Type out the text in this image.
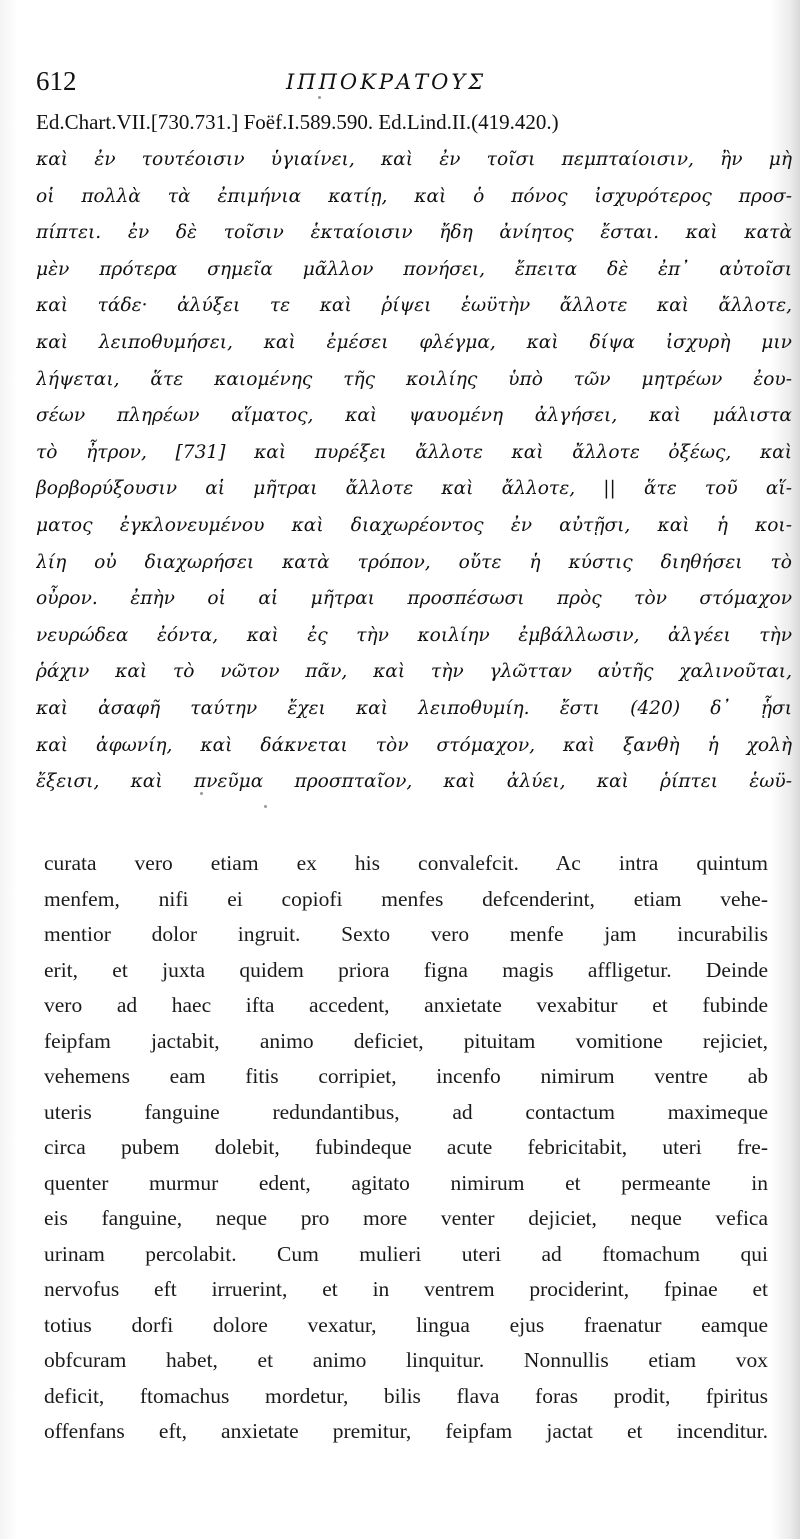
612	ΙΠΠΟΚΡΑΤΟΥΣ
Ed.Chart.VII.[730.731.] Foëf.I.589.590. Ed.Lind.II.(419.420.)
καὶ ἐν τουτέοισιν ὑγιαίνει, καὶ ἐν τοῖσι πεμπταίοισιν, ἢν μὴ
οἱ πολλὰ τὰ ἐπιμήνια κατίῃ, καὶ ὁ πόνος ἰσχυρότερος προσ-
πίπτει. ἐν δὲ τοῖσιν ἑκταίοισιν ἤδη ἀνίητος ἔσται. καὶ κατὰ
μὲν πρότερα σημεῖα μᾶλλον πονήσει, ἔπειτα δὲ ἐπ᾽ αὐτοῖσι
καὶ τάδε· ἀλύξει τε καὶ ῥίψει ἑωϋτὴν ἄλλοτε καὶ ἄλλοτε,
καὶ λειποθυμήσει, καὶ ἐμέσει φλέγμα, καὶ δίψα ἰσχυρὴ μιν
λήψεται, ἅτε καιομένης τῆς κοιλίης ὑπὸ τῶν μητρέων ἐου-
σέων πληρέων αἵματος, καὶ ψαυομένη ἀλγήσει, καὶ μάλιστα
τὸ ἦτρον, [731] καὶ πυρέξει ἄλλοτε καὶ ἄλλοτε ὀξέως, καὶ
βορβορύξουσιν αἱ μῆτραι ἄλλοτε καὶ ἄλλοτε, || ἅτε τοῦ αἵ-
ματος ἐγκλονευμένου καὶ διαχωρέοντος ἐν αὐτῇσι, καὶ ἡ κοι-
λίη οὐ διαχωρήσει κατὰ τρόπον, οὔτε ἡ κύστις διηθήσει τὸ
οὖρον. ἐπὴν οἱ αἱ μῆτραι προσπέσωσι πρὸς τὸν στόμαχον
νευρώδεα ἐόντα, καὶ ἐς τὴν κοιλίην ἐμβάλλωσιν, ἀλγέει τὴν
ῥάχιν καὶ τὸ νῶτον πᾶν, καὶ τὴν γλῶτταν αὐτῆς χαλινοῦται,
καὶ ἀσαφῆ ταύτην ἔχει καὶ λειποθυμίη. ἔστι (420) δ᾽ ᾗσι
καὶ ἀφωνίη, καὶ δάκνεται τὸν στόμαχον, καὶ ξανθὴ ἡ χολὴ
ἔξεισι, καὶ πνεῦμα προσπταῖον, καὶ ἀλύει, καὶ ῥίπτει ἑωϋ-
curata vero etiam ex his convalefcit. Ac intra quintum
menfem, nifi ei copiofi menfes defcenderint, etiam vehe-
mentior dolor ingruit. Sexto vero menfe jam incurabilis
erit, et juxta quidem priora figna magis affligetur. Deinde
vero ad haec ifta accedent, anxietate vexabitur et fubinde
feipfam jactabit, animo deficiet, pituitam vomitione rejiciet,
vehemens eam fitis corripiet, incenfo nimirum ventre ab
uteris fanguine redundantibus, ad contactum maximeque
circa pubem dolebit, fubindeque acute febricitabit, uteri fre-
quenter murmur edent, agitato nimirum et permeante in
eis fanguine, neque pro more venter dejiciet, neque vefica
urinam percolabit. Cum mulieri uteri ad ftomachum qui
nervofus eft irruerint, et in ventrem prociderint, fpinae et
totius dorfi dolore vexatur, lingua ejus fraenatur eamque
obfcuram habet, et animo linquitur. Nonnullis etiam vox
deficit, ftomachus mordetur, bilis flava foras prodit, fpiritus
offenfans eft, anxietate premitur, feipfam jactat et incenditur.
